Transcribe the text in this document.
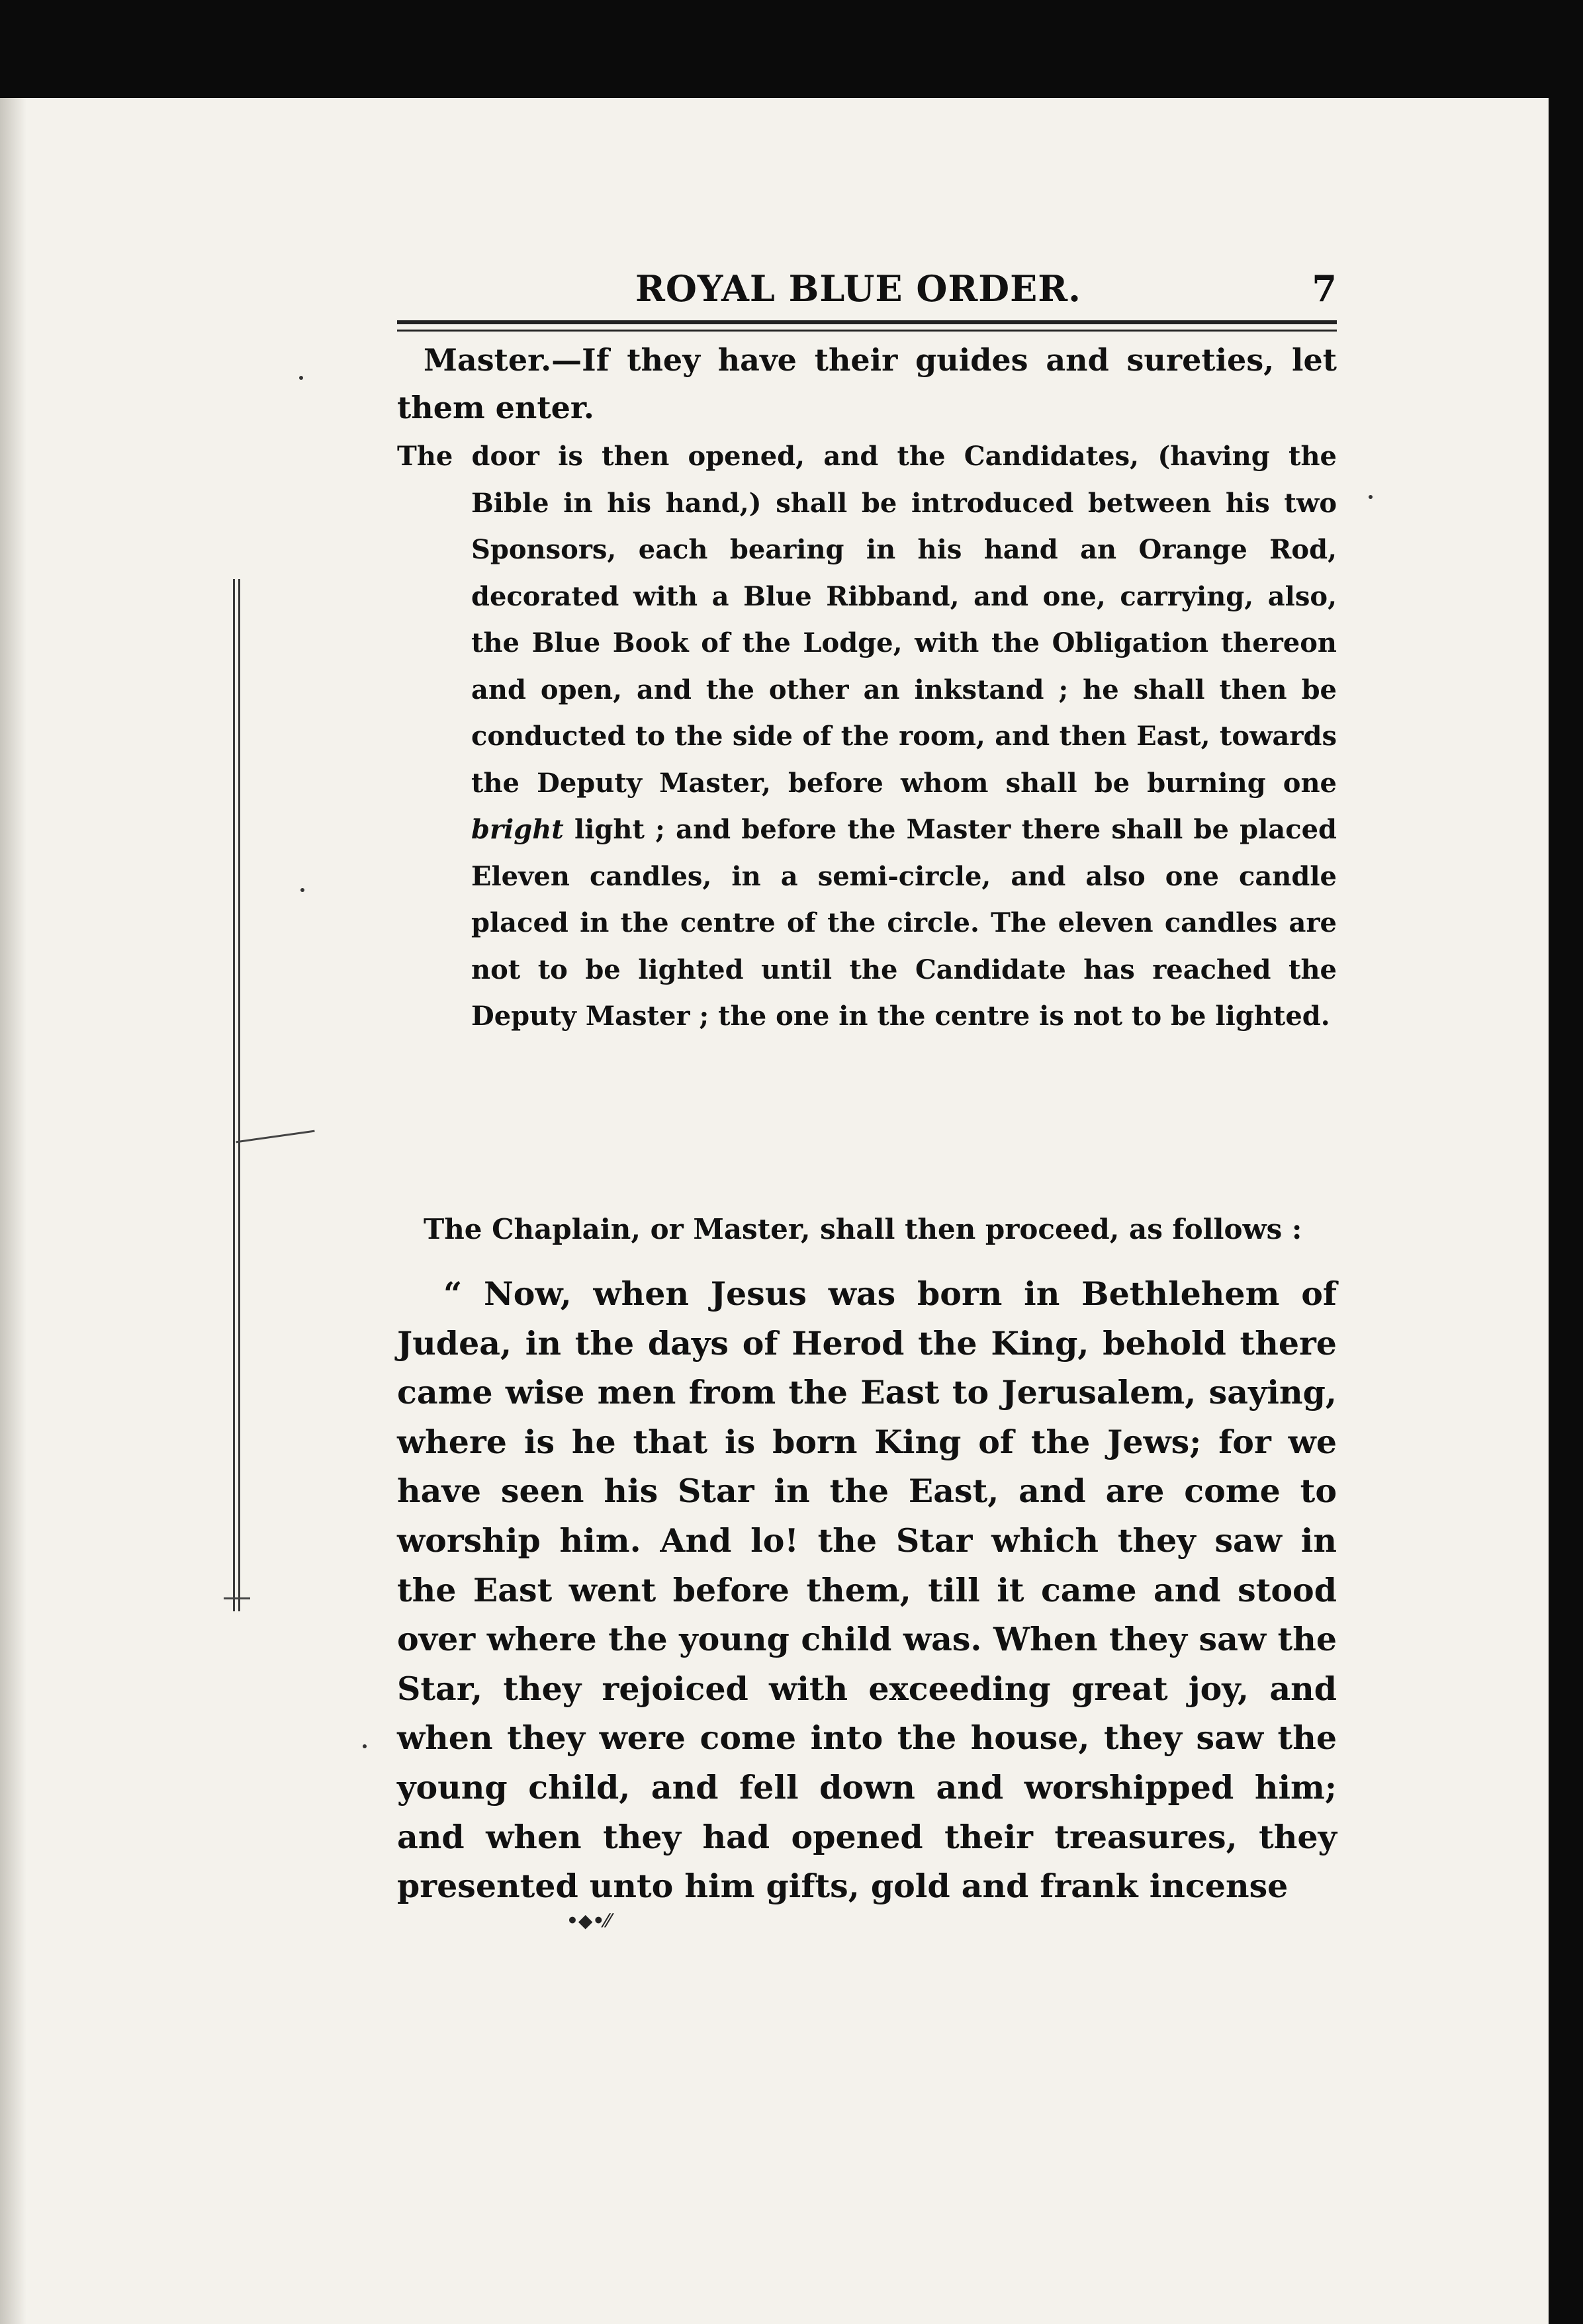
ROYAL BLUE ORDER.	7
Master.—If they have their guides and sureties, let them enter.
The door is then opened, and the Candidates, (having the Bible in his hand,) shall be introduced between his two Sponsors, each bearing in his hand an Orange Rod, decorated with a Blue Ribband, and one, carrying, also, the Blue Book of the Lodge, with the Obligation thereon and open, and the other an inkstand ; he shall then be conducted to the side of the room, and then East, towards the Deputy Master, before whom shall be burning one bright light ; and before the Master there shall be placed Eleven candles, in a semi-circle, and also one candle placed in the centre of the circle. The eleven candles are not to be lighted until the Candidate has reached the Deputy Master ; the one in the centre is not to be lighted.
The Chaplain, or Master, shall then proceed, as follows :
“ Now, when Jesus was born in Bethlehem of Judea, in the days of Herod the King, behold there came wise men from the East to Jerusalem, saying, where is he that is born King of the Jews; for we have seen his Star in the East, and are come to worship him. And lo! the Star which they saw in the East went before them, till it came and stood over where the young child was. When they saw the Star, they rejoiced with exceeding great joy, and when they were come into the house, they saw the young child, and fell down and worshipped him; and when they had opened their treasures, they presented unto him gifts, gold and frank incense
•◆•⁄⁄
